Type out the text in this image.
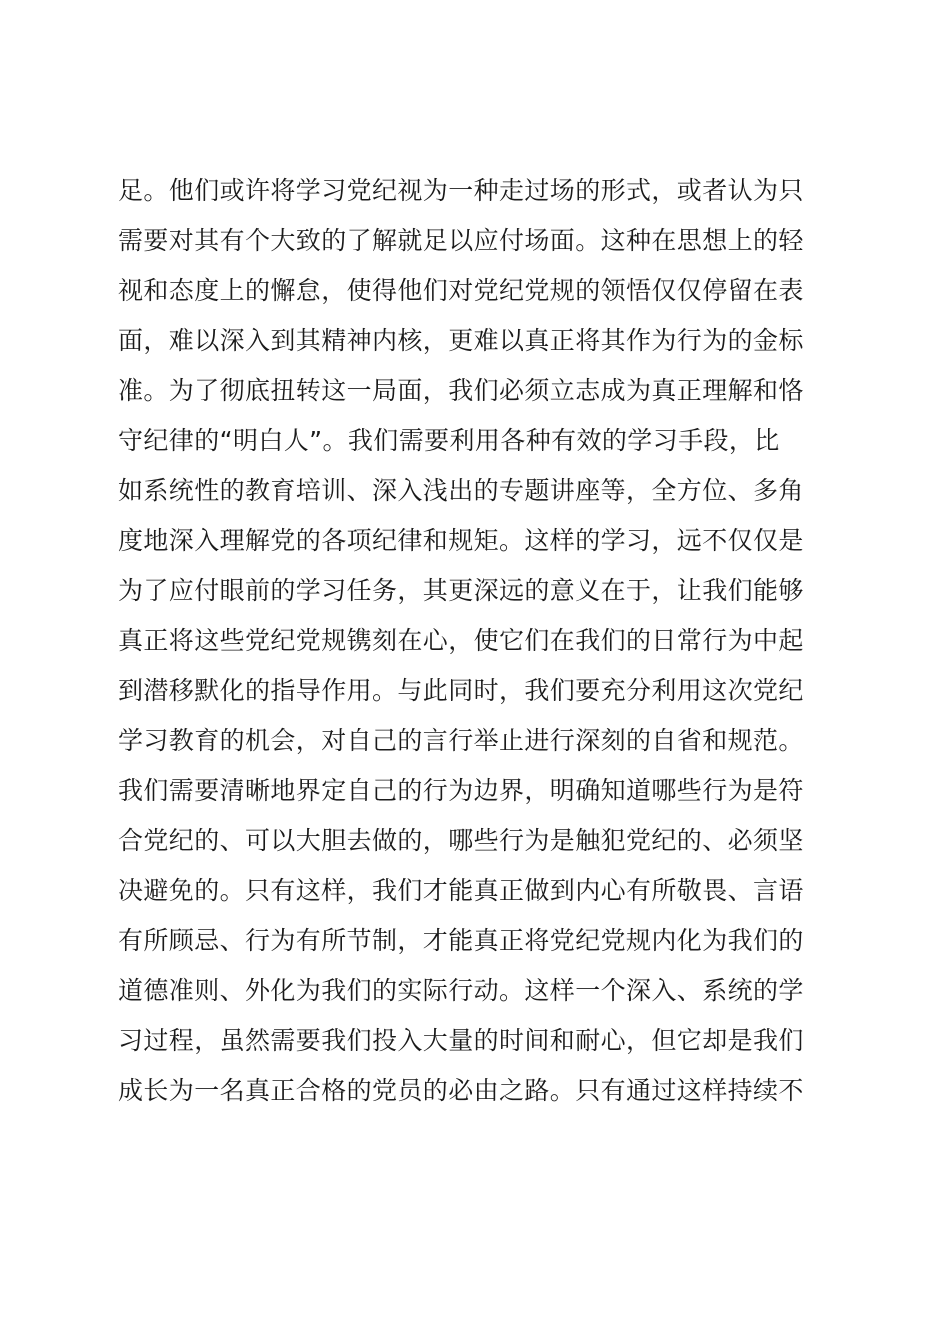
足。他们或许将学习党纪视为一种走过场的形式，或者认为只
需要对其有个大致的了解就足以应付场面。这种在思想上的轻
视和态度上的懈怠，使得他们对党纪党规的领悟仅仅停留在表
面，难以深入到其精神内核，更难以真正将其作为行为的金标
准。为了彻底扭转这一局面，我们必须立志成为真正理解和恪
守纪律的“明白人”。我们需要利用各种有效的学习手段，比
如系统性的教育培训、深入浅出的专题讲座等，全方位、多角
度地深入理解党的各项纪律和规矩。这样的学习，远不仅仅是
为了应付眼前的学习任务，其更深远的意义在于，让我们能够
真正将这些党纪党规镌刻在心，使它们在我们的日常行为中起
到潜移默化的指导作用。与此同时，我们要充分利用这次党纪
学习教育的机会，对自己的言行举止进行深刻的自省和规范。
我们需要清晰地界定自己的行为边界，明确知道哪些行为是符
合党纪的、可以大胆去做的，哪些行为是触犯党纪的、必须坚
决避免的。只有这样，我们才能真正做到内心有所敬畏、言语
有所顾忌、行为有所节制，才能真正将党纪党规内化为我们的
道德准则、外化为我们的实际行动。这样一个深入、系统的学
习过程，虽然需要我们投入大量的时间和耐心，但它却是我们
成长为一名真正合格的党员的必由之路。只有通过这样持续不
